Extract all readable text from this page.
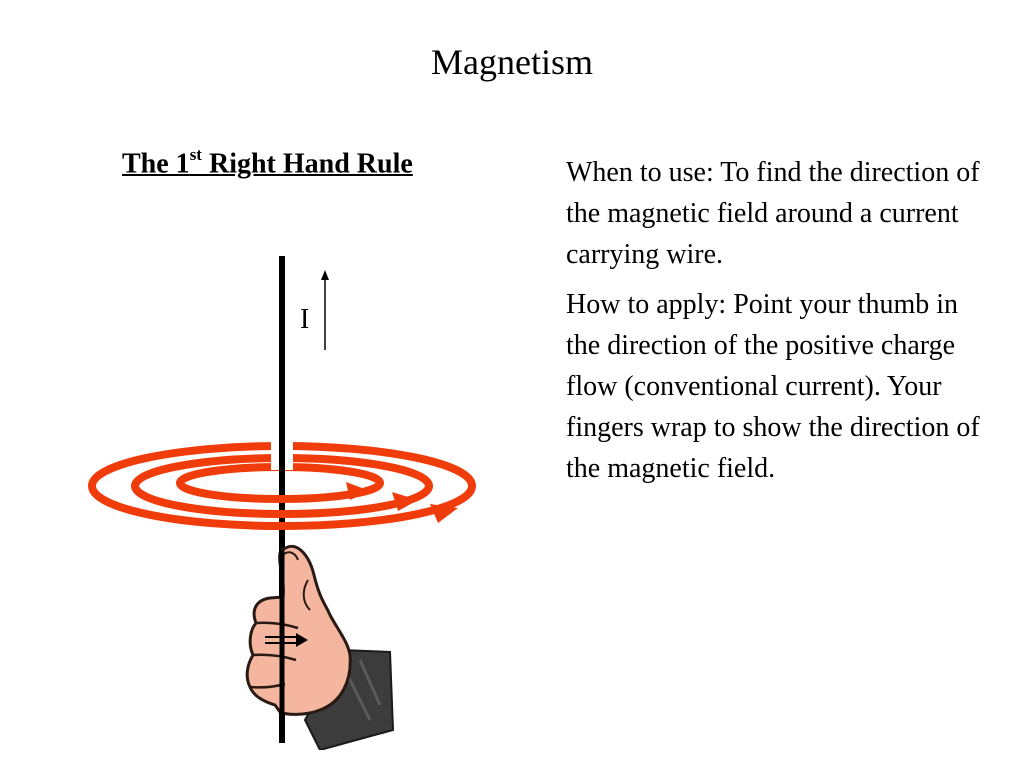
Magnetism
The 1st Right Hand Rule
I

When to use: To find the direction of the magnetic field around a current carrying wire.

How to apply: Point your thumb in the direction of the positive charge flow (conventional current). Your fingers wrap to show the direction of the magnetic field.
